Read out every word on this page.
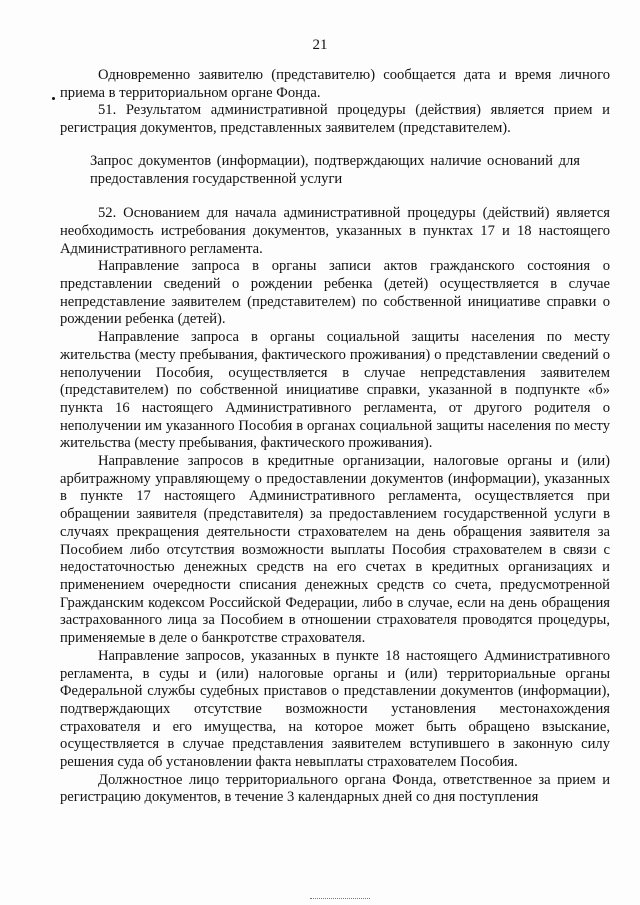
21

Одновременно заявителю (представителю) сообщается дата и время личного приема в территориальном органе Фонда.

51. Результатом административной процедуры (действия) является прием и регистрация документов, представленных заявителем (представителем).

Запрос документов (информации), подтверждающих наличие оснований для предоставления государственной услуги

52. Основанием для начала административной процедуры (действий) является необходимость истребования документов, указанных в пунктах 17 и 18 настоящего Административного регламента.

Направление запроса в органы записи актов гражданского состояния о представлении сведений о рождении ребенка (детей) осуществляется в случае непредставление заявителем (представителем) по собственной инициативе справки о рождении ребенка (детей).

Направление запроса в органы социальной защиты населения по месту жительства (месту пребывания, фактического проживания) о представлении сведений о неполучении Пособия, осуществляется в случае непредставления заявителем (представителем) по собственной инициативе справки, указанной в подпункте «б» пункта 16 настоящего Административного регламента, от другого родителя о неполучении им указанного Пособия в органах социальной защиты населения по месту жительства (месту пребывания, фактического проживания).

Направление запросов в кредитные организации, налоговые органы и (или) арбитражному управляющему о предоставлении документов (информации), указанных в пункте 17 настоящего Административного регламента, осуществляется при обращении заявителя (представителя) за предоставлением государственной услуги в случаях прекращения деятельности страхователем на день обращения заявителя за Пособием либо отсутствия возможности выплаты Пособия страхователем в связи с недостаточностью денежных средств на его счетах в кредитных организациях и применением очередности списания денежных средств со счета, предусмотренной Гражданским кодексом Российской Федерации, либо в случае, если на день обращения застрахованного лица за Пособием в отношении страхователя проводятся процедуры, применяемые в деле о банкротстве страхователя.

Направление запросов, указанных в пункте 18 настоящего Административного регламента, в суды и (или) налоговые органы и (или) территориальные органы Федеральной службы судебных приставов о представлении документов (информации), подтверждающих отсутствие возможности установления местонахождения страхователя и его имущества, на которое может быть обращено взыскание, осуществляется в случае представления заявителем вступившего в законную силу решения суда об установлении факта невыплаты страхователем Пособия.

Должностное лицо территориального органа Фонда, ответственное за прием и регистрацию документов, в течение 3 календарных дней со дня поступления
